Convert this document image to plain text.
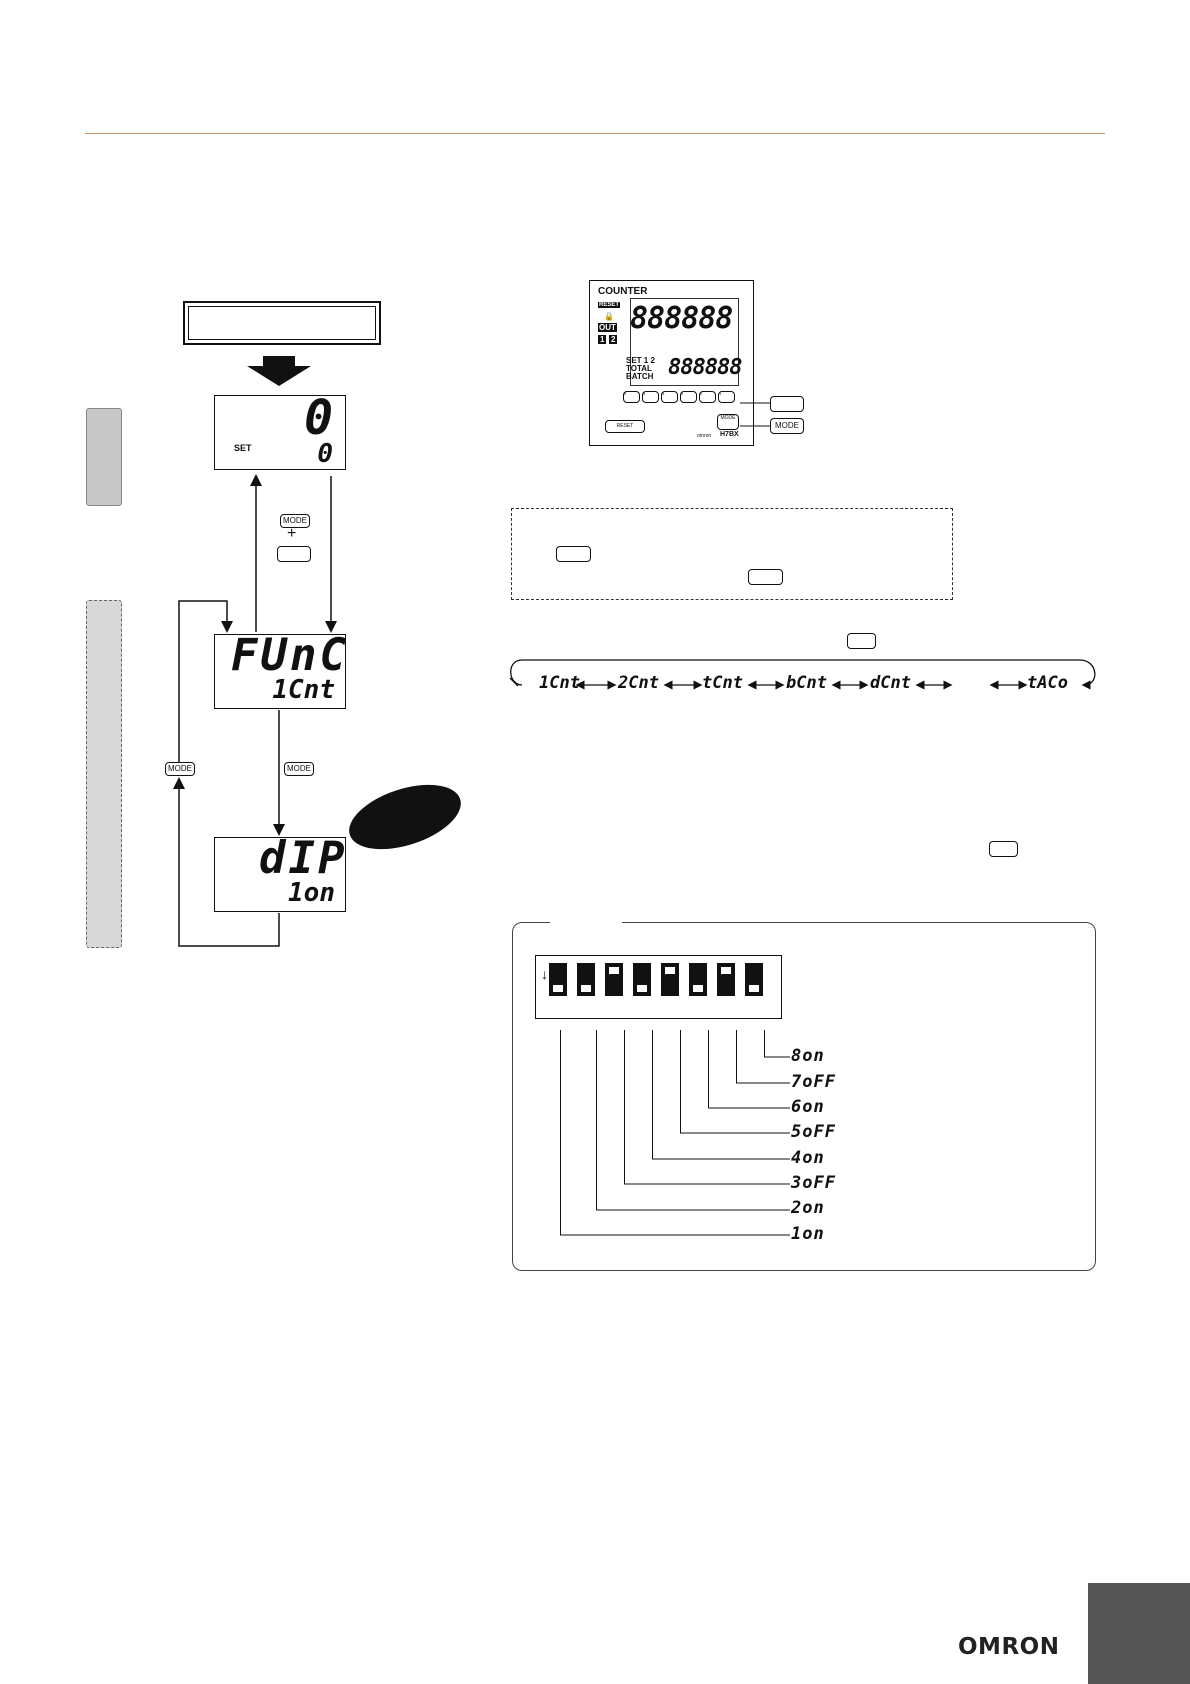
0
0
SET
MODE
+
FUnC
1Cnt
MODE	MODE
dIP
1on
COUNTER
RESET
🔒
OUT
1 2
888888
SET 1 2
TOTAL
BATCH 888888
6	5	4	3	2	1
RESET
MODE
omron H7BX
MODE
1Cnt 2Cnt	tCnt	bCnt	dCnt	tACo
↓
8on
7oFF
6on
5oFF
4on
3oFF
2on
1on
OMRON
